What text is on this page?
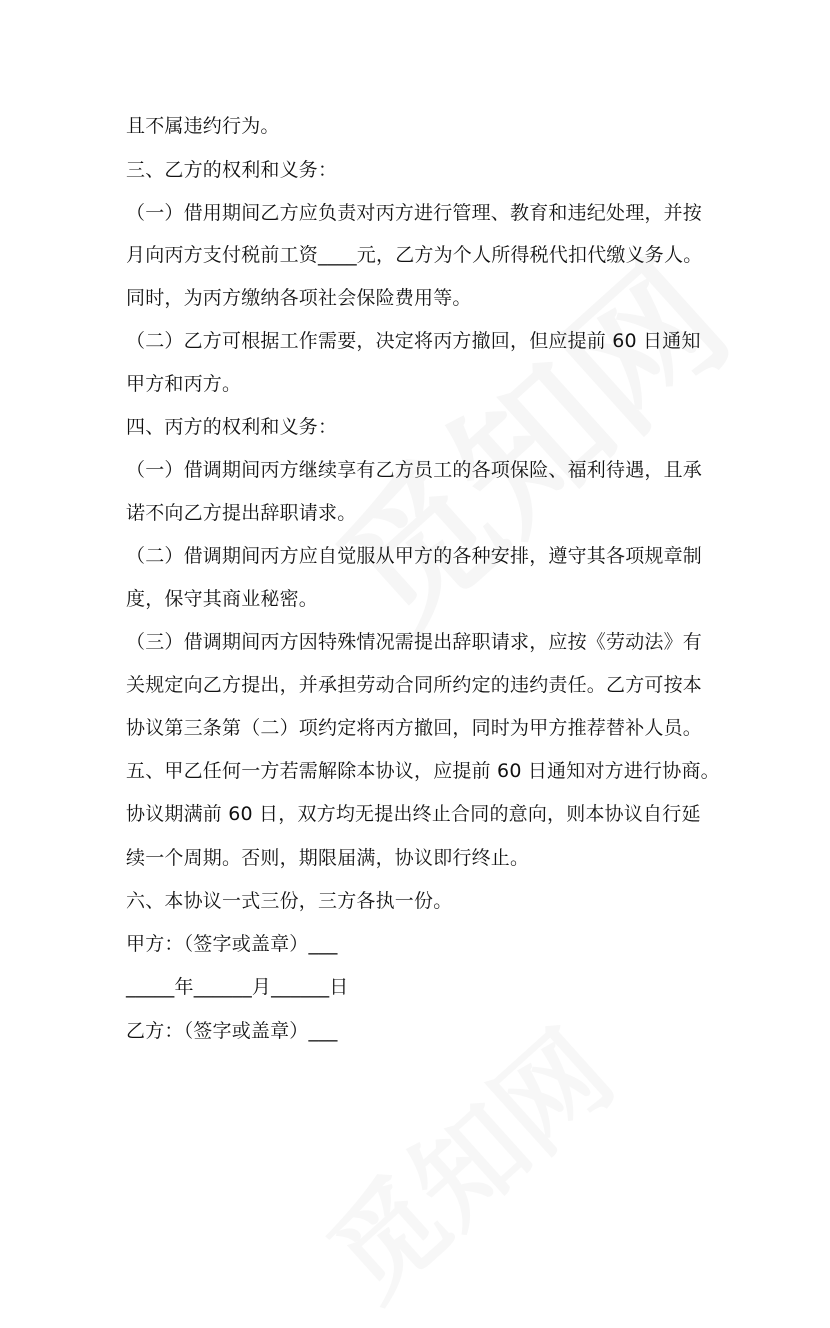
且不属违约行为。
三、乙方的权利和义务：
（一）借用期间乙方应负责对丙方进行管理、教育和违纪处理，并按
月向丙方支付税前工资____元，乙方为个人所得税代扣代缴义务人。
同时，为丙方缴纳各项社会保险费用等。
（二）乙方可根据工作需要，决定将丙方撤回，但应提前 60 日通知
甲方和丙方。
四、丙方的权利和义务：
（一）借调期间丙方继续享有乙方员工的各项保险、福利待遇，且承
诺不向乙方提出辞职请求。
（二）借调期间丙方应自觉服从甲方的各种安排，遵守其各项规章制
度，保守其商业秘密。
（三）借调期间丙方因特殊情况需提出辞职请求，应按《劳动法》有
关规定向乙方提出，并承担劳动合同所约定的违约责任。乙方可按本
协议第三条第（二）项约定将丙方撤回，同时为甲方推荐替补人员。
五、甲乙任何一方若需解除本协议，应提前 60 日通知对方进行协商。
协议期满前 60 日，双方均无提出终止合同的意向，则本协议自行延
续一个周期。否则，期限届满，协议即行终止。
六、本协议一式三份，三方各执一份。
甲方：（签字或盖章）___
_____年______月______日
乙方：（签字或盖章）___
